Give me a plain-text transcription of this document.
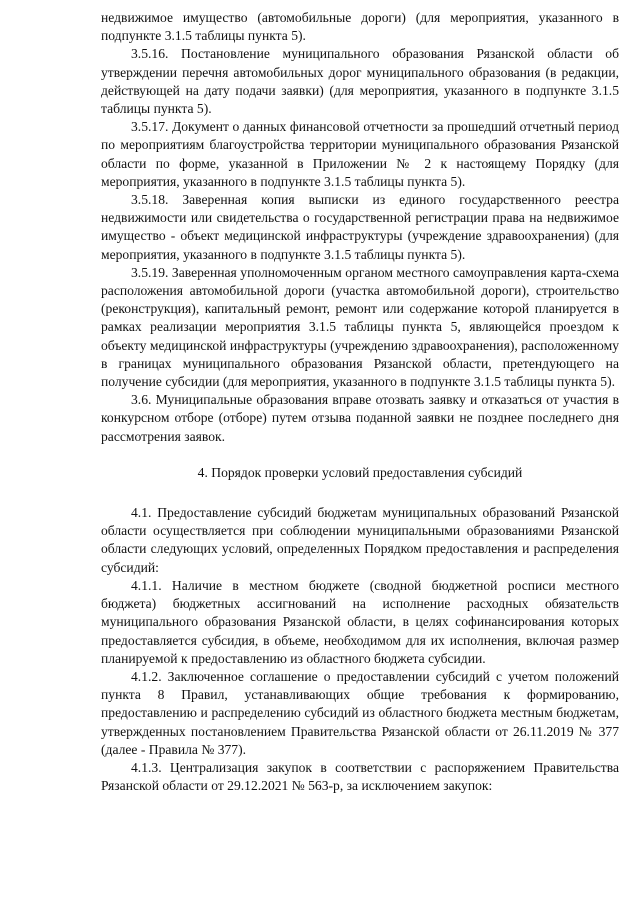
недвижимое имущество (автомобильные дороги) (для мероприятия, указанного в подпункте 3.1.5 таблицы пункта 5).

3.5.16. Постановление муниципального образования Рязанской области об утверждении перечня автомобильных дорог муниципального образования (в редакции, действующей на дату подачи заявки) (для мероприятия, указанного в подпункте 3.1.5 таблицы пункта 5).

3.5.17. Документ о данных финансовой отчетности за прошедший отчетный период по мероприятиям благоустройства территории муниципального образования Рязанской области по форме, указанной в Приложении № 2 к настоящему Порядку (для мероприятия, указанного в подпункте 3.1.5 таблицы пункта 5).

3.5.18. Заверенная копия выписки из единого государственного реестра недвижимости или свидетельства о государственной регистрации права на недвижимое имущество - объект медицинской инфраструктуры (учреждение здравоохранения) (для мероприятия, указанного в подпункте 3.1.5 таблицы пункта 5).

3.5.19. Заверенная уполномоченным органом местного самоуправления карта-схема расположения автомобильной дороги (участка автомобильной дороги), строительство (реконструкция), капитальный ремонт, ремонт или содержание которой планируется в рамках реализации мероприятия 3.1.5 таблицы пункта 5, являющейся проездом к объекту медицинской инфраструктуры (учреждению здравоохранения), расположенному в границах муниципального образования Рязанской области, претендующего на получение субсидии (для мероприятия, указанного в подпункте 3.1.5 таблицы пункта 5).

3.6. Муниципальные образования вправе отозвать заявку и отказаться от участия в конкурсном отборе (отборе) путем отзыва поданной заявки не позднее последнего дня рассмотрения заявок.

4. Порядок проверки условий предоставления субсидий

4.1. Предоставление субсидий бюджетам муниципальных образований Рязанской области осуществляется при соблюдении муниципальными образованиями Рязанской области следующих условий, определенных Порядком предоставления и распределения субсидий:

4.1.1. Наличие в местном бюджете (сводной бюджетной росписи местного бюджета) бюджетных ассигнований на исполнение расходных обязательств муниципального образования Рязанской области, в целях софинансирования которых предоставляется субсидия, в объеме, необходимом для их исполнения, включая размер планируемой к предоставлению из областного бюджета субсидии.

4.1.2. Заключенное соглашение о предоставлении субсидий с учетом положений пункта 8 Правил, устанавливающих общие требования к формированию, предоставлению и распределению субсидий из областного бюджета местным бюджетам, утвержденных постановлением Правительства Рязанской области от 26.11.2019 № 377 (далее - Правила № 377).

4.1.3. Централизация закупок в соответствии с распоряжением Правительства Рязанской области от 29.12.2021 № 563-р, за исключением закупок:
